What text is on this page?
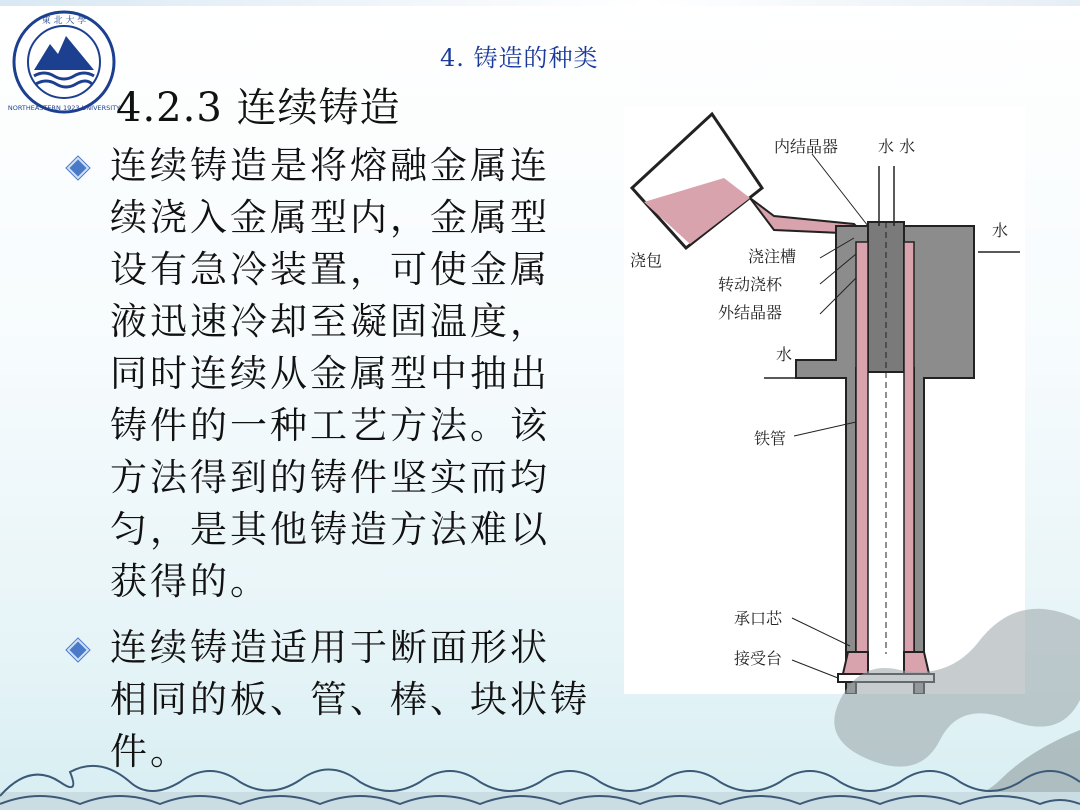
東 北 大 學
NORTHEASTERN 1923 UNIVERSITY
4. 铸造的种类
4.2.3 连续铸造
连续铸造是将熔融金属连
续浇入金属型内，金属型
设有急冷装置，可使金属
液迅速冷却至凝固温度，
同时连续从金属型中抽出
铸件的一种工艺方法。该
方法得到的铸件坚实而均
匀，是其他铸造方法难以
获得的。
连续铸造适用于断面形状
相同的板、管、棒、块状铸
件。
内结晶器 水 水
水
浇包	浇注槽
转动浇杯
外结晶器
水
铁管
承口芯
接受台
